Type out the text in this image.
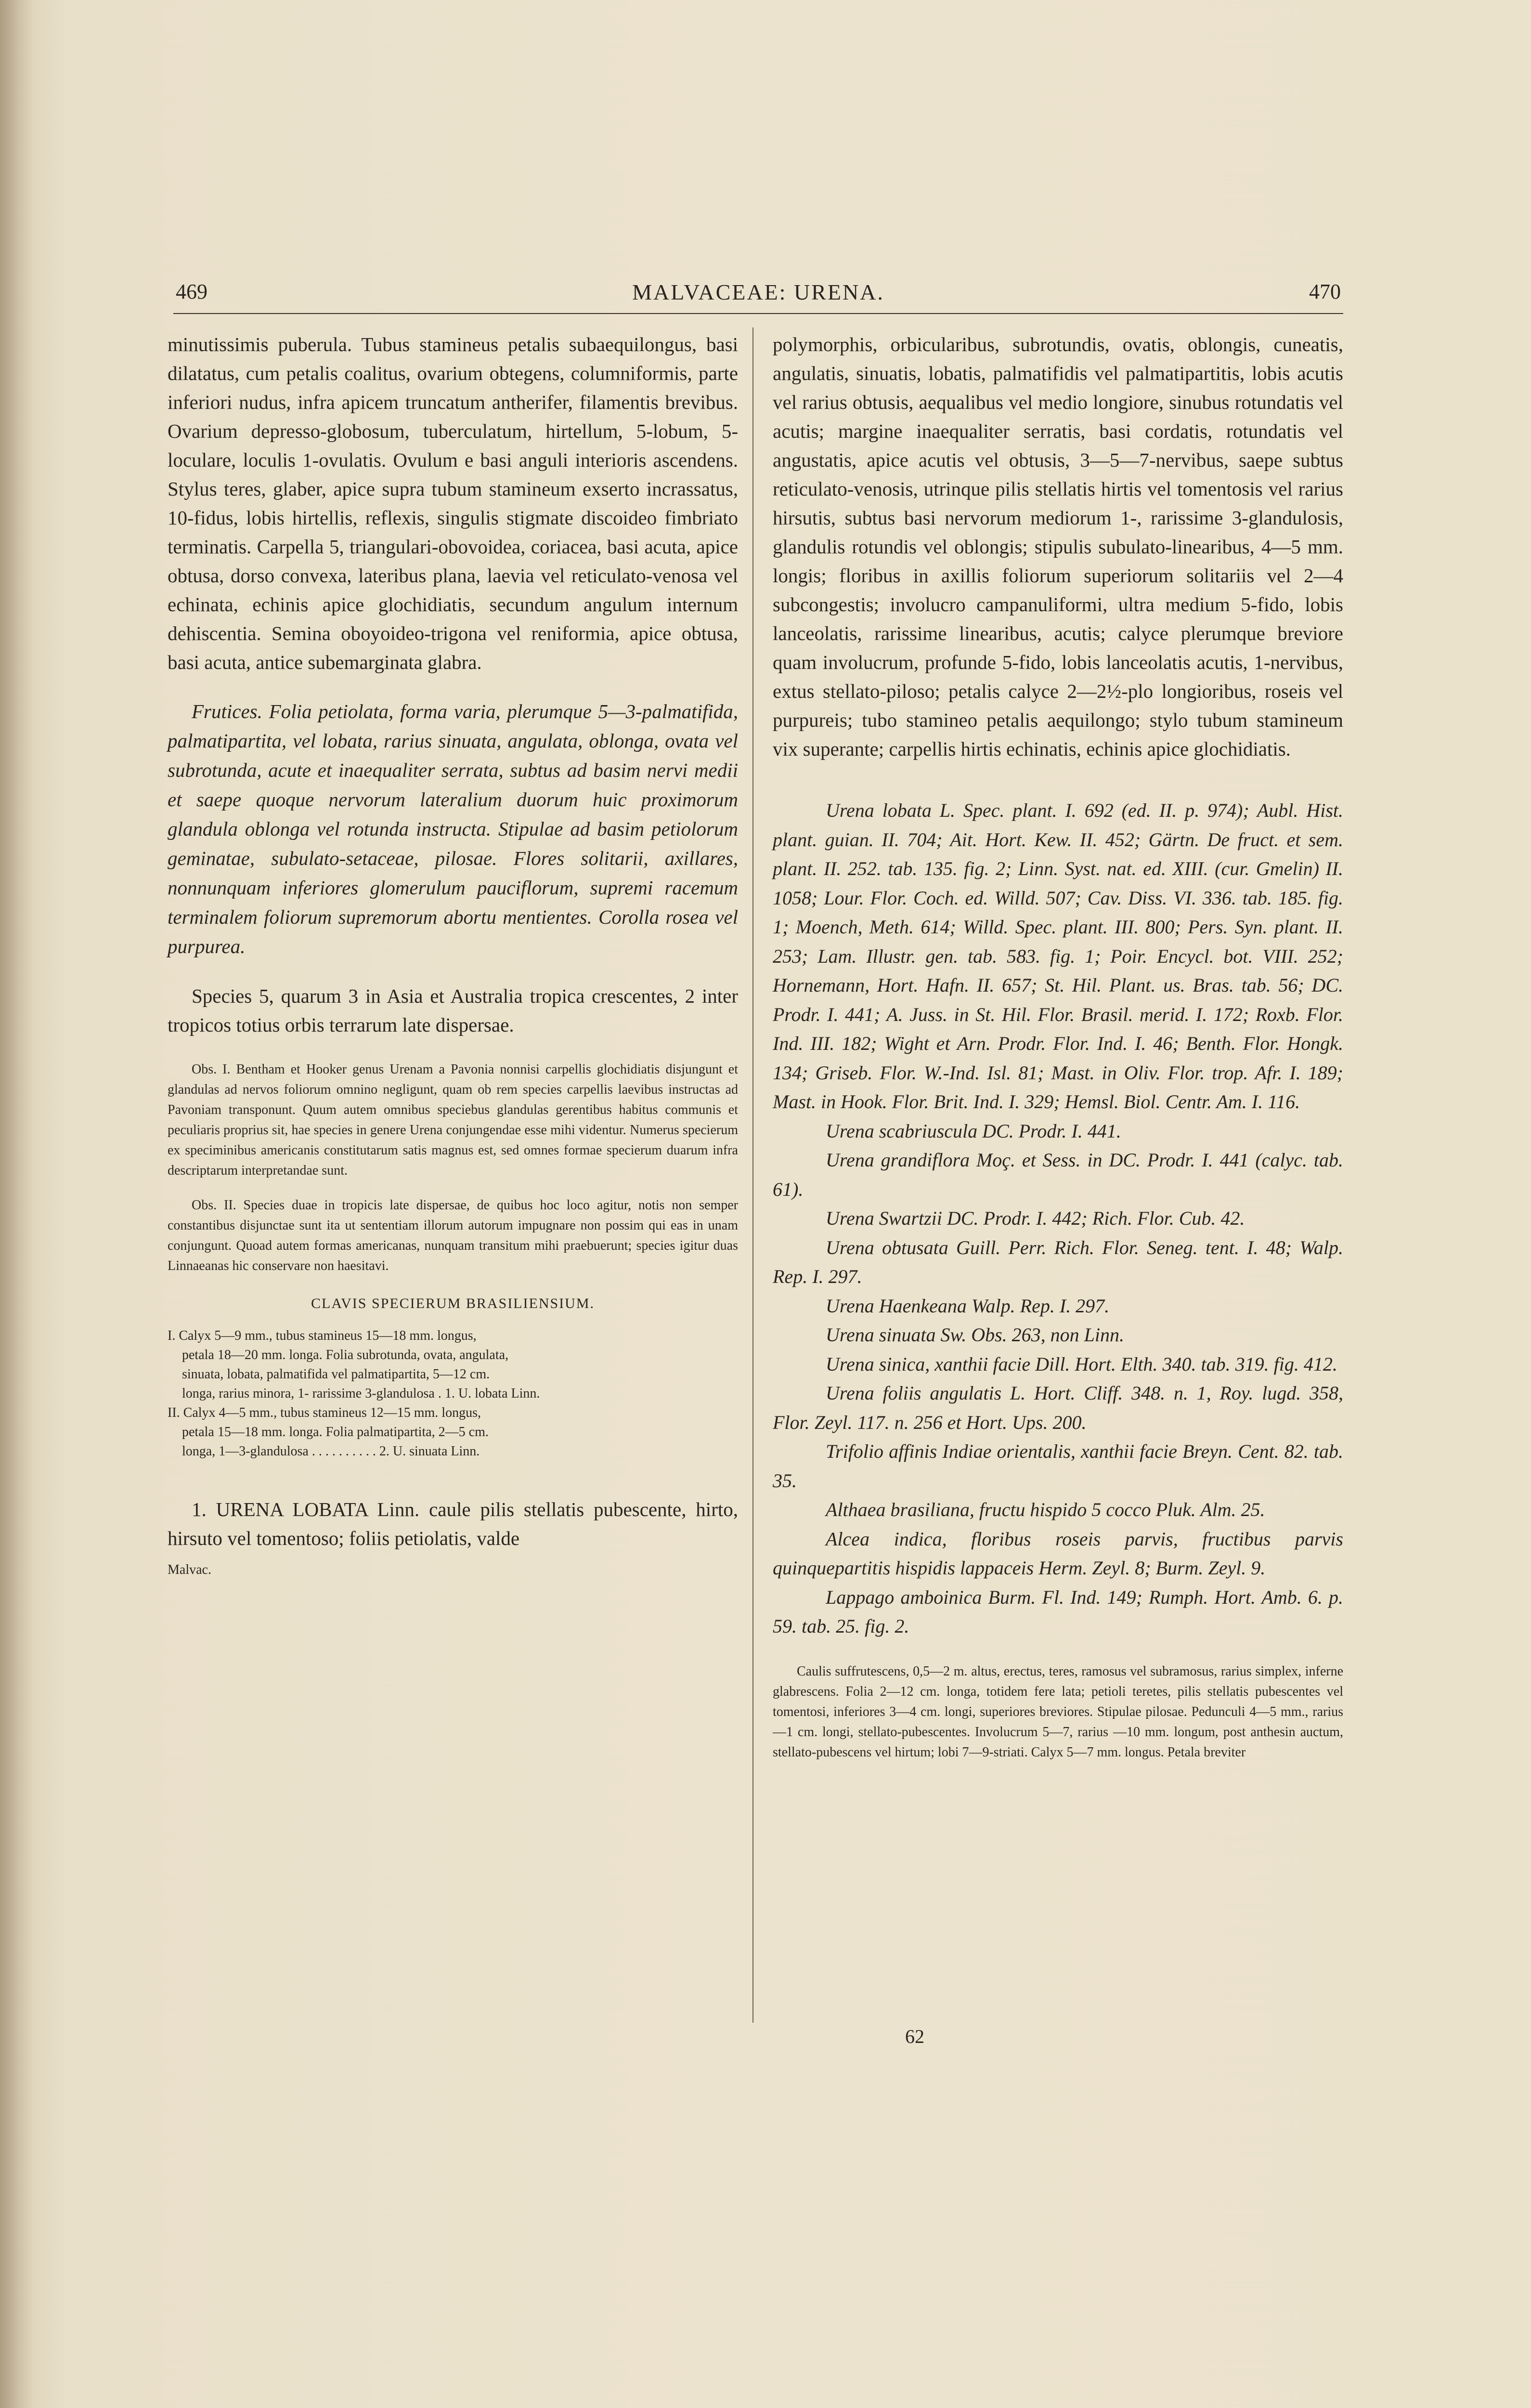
469	MALVACEAE: URENA.	470

minutissimis puberula. Tubus stamineus petalis subaequilongus, basi dilatatus, cum petalis coalitus, ovarium obtegens, columniformis, parte inferiori nudus, infra apicem truncatum antherifer, filamentis brevibus. Ovarium depresso-globosum, tuberculatum, hirtellum, 5-lobum, 5-loculare, loculis 1-ovulatis. Ovulum e basi anguli interioris ascendens. Stylus teres, glaber, apice supra tubum stamineum exserto incrassatus, 10-fidus, lobis hirtellis, reflexis, singulis stigmate discoideo fimbriato terminatis. Carpella 5, triangulari-obovoidea, coriacea, basi acuta, apice obtusa, dorso convexa, lateribus plana, laevia vel reticulato-venosa vel echinata, echinis apice glochidiatis, secundum angulum internum dehiscentia. Semina oboyoideo-trigona vel reniformia, apice obtusa, basi acuta, antice subemarginata glabra.

Frutices. Folia petiolata, forma varia, plerumque 5—3-palmatifida, palmatipartita, vel lobata, rarius sinuata, angulata, oblonga, ovata vel subrotunda, acute et inaequaliter serrata, subtus ad basim nervi medii et saepe quoque nervorum lateralium duorum huic proximorum glandula oblonga vel rotunda instructa. Stipulae ad basim petiolorum geminatae, subulato-setaceae, pilosae. Flores solitarii, axillares, nonnunquam inferiores glomerulum pauciflorum, supremi racemum terminalem foliorum supremorum abortu mentientes. Corolla rosea vel purpurea.

Species 5, quarum 3 in Asia et Australia tropica crescentes, 2 inter tropicos totius orbis terrarum late dispersae.

Obs. I. Bentham et Hooker genus Urenam a Pavonia nonnisi carpellis glochidiatis disjungunt et glandulas ad nervos foliorum omnino negligunt, quam ob rem species carpellis laevibus instructas ad Pavoniam transponunt. Quum autem omnibus speciebus glandulas gerentibus habitus communis et peculiaris proprius sit, hae species in genere Urena conjungendae esse mihi videntur. Numerus specierum ex speciminibus americanis constitutarum satis magnus est, sed omnes formae specierum duarum infra descriptarum interpretandae sunt.

Obs. II. Species duae in tropicis late dispersae, de quibus hoc loco agitur, notis non semper constantibus disjunctae sunt ita ut sententiam illorum autorum impugnare non possim qui eas in unam conjungunt. Quoad autem formas americanas, nunquam transitum mihi praebuerunt; species igitur duas Linnaeanas hic conservare non haesitavi.

CLAVIS SPECIERUM BRASILIENSIUM.

I. Calyx 5—9 mm., tubus stamineus 15—18 mm. longus,

petala 18—20 mm. longa. Folia subrotunda, ovata, angulata,

sinuata, lobata, palmatifida vel palmatipartita, 5—12 cm.

longa, rarius minora, 1- rarissime 3-glandulosa . 1. U. lobata Linn.

II. Calyx 4—5 mm., tubus stamineus 12—15 mm. longus,

petala 15—18 mm. longa. Folia palmatipartita, 2—5 cm.

longa, 1—3-glandulosa . . . . . . . . . . 2. U. sinuata Linn.

1. URENA LOBATA Linn. caule pilis stellatis pubescente, hirto, hirsuto vel tomentoso; foliis petiolatis, valde

Malvac.

polymorphis, orbicularibus, subrotundis, ovatis, oblongis, cuneatis, angulatis, sinuatis, lobatis, palmatifidis vel palmatipartitis, lobis acutis vel rarius obtusis, aequalibus vel medio longiore, sinubus rotundatis vel acutis; margine inaequaliter serratis, basi cordatis, rotundatis vel angustatis, apice acutis vel obtusis, 3—5—7-nervibus, saepe subtus reticulato-venosis, utrinque pilis stellatis hirtis vel tomentosis vel rarius hirsutis, subtus basi nervorum mediorum 1-, rarissime 3-glandulosis, glandulis rotundis vel oblongis; stipulis subulato-linearibus, 4—5 mm. longis; floribus in axillis foliorum superiorum solitariis vel 2—4 subcongestis; involucro campanuliformi, ultra medium 5-fido, lobis lanceolatis, rarissime linearibus, acutis; calyce plerumque breviore quam involucrum, profunde 5-fido, lobis lanceolatis acutis, 1-nervibus, extus stellato-piloso; petalis calyce 2—2½-plo longioribus, roseis vel purpureis; tubo stamineo petalis aequilongo; stylo tubum stamineum vix superante; carpellis hirtis echinatis, echinis apice glochidiatis.

Urena lobata L. Spec. plant. I. 692 (ed. II. p. 974); Aubl. Hist. plant. guian. II. 704; Ait. Hort. Kew. II. 452; Gärtn. De fruct. et sem. plant. II. 252. tab. 135. fig. 2; Linn. Syst. nat. ed. XIII. (cur. Gmelin) II. 1058; Lour. Flor. Coch. ed. Willd. 507; Cav. Diss. VI. 336. tab. 185. fig. 1; Moench, Meth. 614; Willd. Spec. plant. III. 800; Pers. Syn. plant. II. 253; Lam. Illustr. gen. tab. 583. fig. 1; Poir. Encycl. bot. VIII. 252; Hornemann, Hort. Hafn. II. 657; St. Hil. Plant. us. Bras. tab. 56; DC. Prodr. I. 441; A. Juss. in St. Hil. Flor. Brasil. merid. I. 172; Roxb. Flor. Ind. III. 182; Wight et Arn. Prodr. Flor. Ind. I. 46; Benth. Flor. Hongk. 134; Griseb. Flor. W.-Ind. Isl. 81; Mast. in Oliv. Flor. trop. Afr. I. 189; Mast. in Hook. Flor. Brit. Ind. I. 329; Hemsl. Biol. Centr. Am. I. 116.

Urena scabriuscula DC. Prodr. I. 441.

Urena grandiflora Moç. et Sess. in DC. Prodr. I. 441 (calyc. tab. 61).

Urena Swartzii DC. Prodr. I. 442; Rich. Flor. Cub. 42.

Urena obtusata Guill. Perr. Rich. Flor. Seneg. tent. I. 48; Walp. Rep. I. 297.

Urena Haenkeana Walp. Rep. I. 297.

Urena sinuata Sw. Obs. 263, non Linn.

Urena sinica, xanthii facie Dill. Hort. Elth. 340. tab. 319. fig. 412.

Urena foliis angulatis L. Hort. Cliff. 348. n. 1, Roy. lugd. 358, Flor. Zeyl. 117. n. 256 et Hort. Ups. 200.

Trifolio affinis Indiae orientalis, xanthii facie Breyn. Cent. 82. tab. 35.

Althaea brasiliana, fructu hispido 5 cocco Pluk. Alm. 25.

Alcea indica, floribus roseis parvis, fructibus parvis quinquepartitis hispidis lappaceis Herm. Zeyl. 8; Burm. Zeyl. 9.

Lappago amboinica Burm. Fl. Ind. 149; Rumph. Hort. Amb. 6. p. 59. tab. 25. fig. 2.

Caulis suffrutescens, 0,5—2 m. altus, erectus, teres, ramosus vel subramosus, rarius simplex, inferne glabrescens. Folia 2—12 cm. longa, totidem fere lata; petioli teretes, pilis stellatis pubescentes vel tomentosi, inferiores 3—4 cm. longi, superiores breviores. Stipulae pilosae. Pedunculi 4—5 mm., rarius —1 cm. longi, stellato-pubescentes. Involucrum 5—7, rarius —10 mm. longum, post anthesin auctum, stellato-pubescens vel hirtum; lobi 7—9-striati. Calyx 5—7 mm. longus. Petala breviter

62
